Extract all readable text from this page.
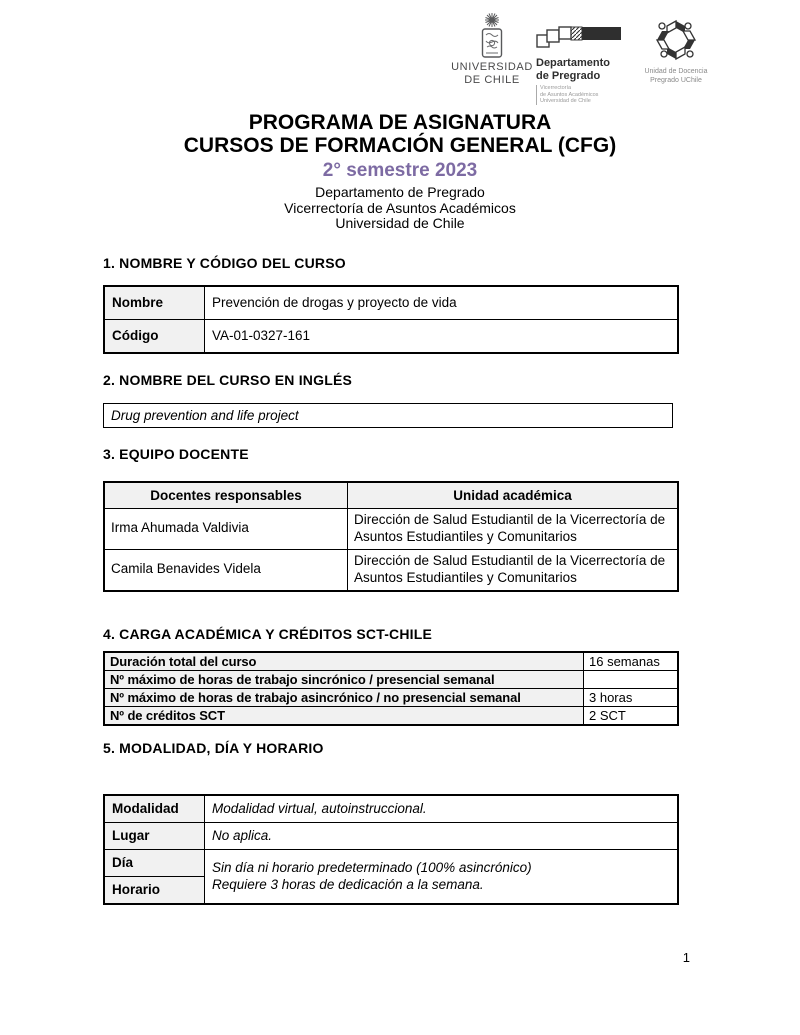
UNIVERSIDAD
DE CHILE
Departamento
de Pregrado
Vicerrectoría
de Asuntos Académicos
Universidad de Chile
Unidad de Docencia
Pregrado UChile
PROGRAMA DE ASIGNATURA
CURSOS DE FORMACIÓN GENERAL (CFG)
2° semestre 2023
Departamento de Pregrado
Vicerrectoría de Asuntos Académicos
Universidad de Chile
1. NOMBRE Y CÓDIGO DEL CURSO
Nombre	Prevención de drogas y proyecto de vida
Código	VA-01-0327-161
2. NOMBRE DEL CURSO EN INGLÉS
Drug prevention and life project
3. EQUIPO DOCENTE
Docentes responsables	Unidad académica
Irma Ahumada Valdivia	Dirección de Salud Estudiantil de la Vicerrectoría de Asuntos Estudiantiles y Comunitarios
Camila Benavides Videla	Dirección de Salud Estudiantil de la Vicerrectoría de Asuntos Estudiantiles y Comunitarios
4. CARGA ACADÉMICA Y CRÉDITOS SCT-CHILE
Duración total del curso	16 semanas
Nº máximo de horas de trabajo sincrónico / presencial semanal	
Nº máximo de horas de trabajo asincrónico / no presencial semanal	3 horas
Nº de créditos SCT	2 SCT
5. MODALIDAD, DÍA Y HORARIO
Modalidad	Modalidad virtual, autoinstruccional.
Lugar	No aplica.
Día	Sin día ni horario predeterminado (100% asincrónico)
Requiere 3 horas de dedicación a la semana.

Horario	
1
